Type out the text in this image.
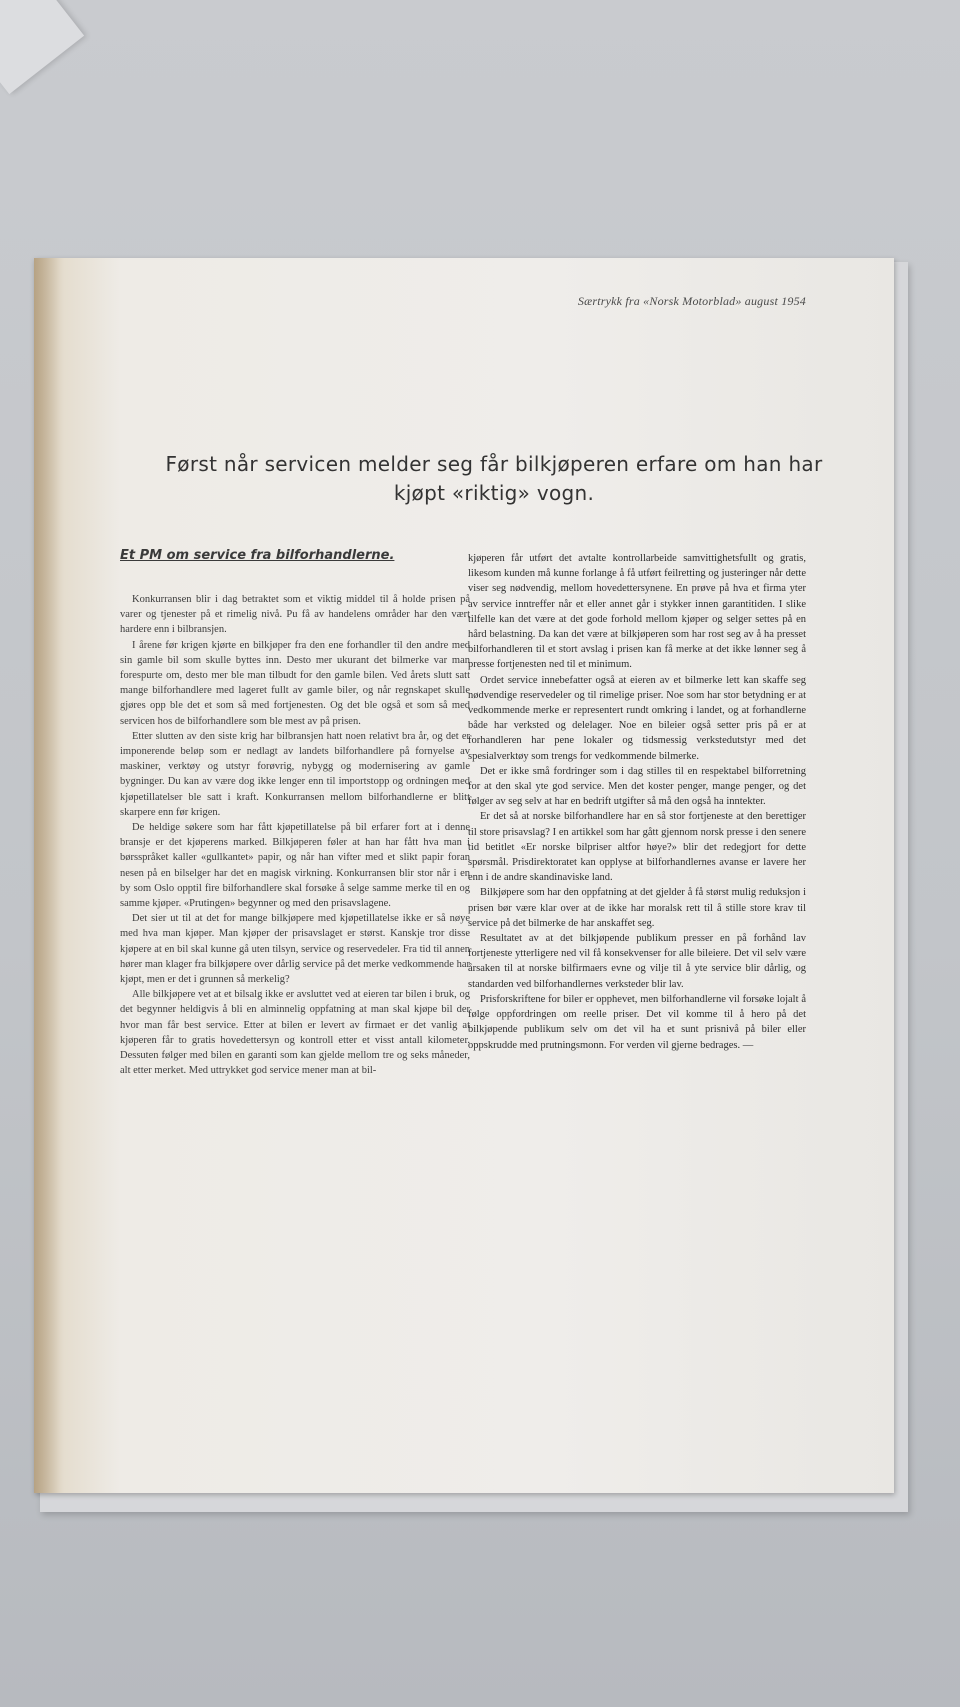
Særtrykk fra «Norsk Motorblad» august 1954
Først når servicen melder seg får bilkjøperen erfare om han har kjøpt «riktig» vogn.
Et PM om service fra bilforhandlerne.

Konkurransen blir i dag betraktet som et viktig middel til å holde prisen på varer og tjenester på et rimelig nivå. Pu få av handelens områder har den vært hardere enn i bilbransjen.

I årene før krigen kjørte en bilkjøper fra den ene forhandler til den andre med sin gamle bil som skulle byttes inn. Desto mer ukurant det bilmerke var man forespurte om, desto mer ble man tilbudt for den gamle bilen. Ved årets slutt satt mange bilforhandlere med lageret fullt av gamle biler, og når regnskapet skulle gjøres opp ble det et som så med fortjenesten. Og det ble også et som så med servicen hos de bilforhandlere som ble mest av på prisen.

Etter slutten av den siste krig har bilbransjen hatt noen relativt bra år, og det er imponerende beløp som er nedlagt av landets bilforhandlere på fornyelse av maskiner, verktøy og utstyr forøvrig, nybygg og modernisering av gamle bygninger. Du kan av være dog ikke lenger enn til importstopp og ordningen med kjøpetillatelser ble satt i kraft. Konkurransen mellom bilforhandlerne er blitt skarpere enn før krigen.

De heldige søkere som har fått kjøpetillatelse på bil erfarer fort at i denne bransje er det kjøperens marked. Bilkjøperen føler at han har fått hva man i børsspråket kaller «gullkantet» papir, og når han vifter med et slikt papir foran nesen på en bilselger har det en magisk virkning. Konkurransen blir stor når i en by som Oslo opptil fire bilforhandlere skal forsøke å selge samme merke til en og samme kjøper. «Prutingen» begynner og med den prisavslagene.

Det sier ut til at det for mange bilkjøpere med kjøpetillatelse ikke er så nøye med hva man kjøper. Man kjøper der prisavslaget er størst. Kanskje tror disse kjøpere at en bil skal kunne gå uten tilsyn, service og reservedeler. Fra tid til annen hører man klager fra bilkjøpere over dårlig service på det merke vedkommende har kjøpt, men er det i grunnen så merkelig?

Alle bilkjøpere vet at et bilsalg ikke er avsluttet ved at eieren tar bilen i bruk, og det begynner heldigvis å bli en alminnelig oppfatning at man skal kjøpe bil der hvor man får best service. Etter at bilen er levert av firmaet er det vanlig at kjøperen får to gratis hovedettersyn og kontroll etter et visst antall kilometer. Dessuten følger med bilen en garanti som kan gjelde mellom tre og seks måneder, alt etter merket. Med uttrykket god service mener man at bil-

kjøperen får utført det avtalte kontrollarbeide samvittighetsfullt og gratis, likesom kunden må kunne forlange å få utført feilretting og justeringer når dette viser seg nødvendig, mellom hovedettersynene. En prøve på hva et firma yter av service inntreffer når et eller annet går i stykker innen garantitiden. I slike tilfelle kan det være at det gode forhold mellom kjøper og selger settes på en hård belastning. Da kan det være at bilkjøperen som har rost seg av å ha presset bilforhandleren til et stort avslag i prisen kan få merke at det ikke lønner seg å presse fortjenesten ned til et minimum.

Ordet service innebefatter også at eieren av et bilmerke lett kan skaffe seg nødvendige reservedeler og til rimelige priser. Noe som har stor betydning er at vedkommende merke er representert rundt omkring i landet, og at forhandlerne både har verksted og delelager. Noe en bileier også setter pris på er at forhandleren har pene lokaler og tidsmessig verkstedutstyr med det spesialverktøy som trengs for vedkommende bilmerke.

Det er ikke små fordringer som i dag stilles til en respektabel bilforretning for at den skal yte god service. Men det koster penger, mange penger, og det følger av seg selv at har en bedrift utgifter så må den også ha inntekter.

Er det så at norske bilforhandlere har en så stor fortjeneste at den berettiger til store prisavslag? I en artikkel som har gått gjennom norsk presse i den senere tid betitlet «Er norske bilpriser altfor høye?» blir det redegjort for dette spørsmål. Prisdirektoratet kan opplyse at bilforhandlernes avanse er lavere her enn i de andre skandinaviske land.

Bilkjøpere som har den oppfatning at det gjelder å få størst mulig reduksjon i prisen bør være klar over at de ikke har moralsk rett til å stille store krav til service på det bilmerke de har anskaffet seg.

Resultatet av at det bilkjøpende publikum presser en på forhånd lav fortjeneste ytterligere ned vil få konsekvenser for alle bileiere. Det vil selv være årsaken til at norske bilfirmaers evne og vilje til å yte service blir dårlig, og standarden ved bilforhandlernes verksteder blir lav.

Prisforskriftene for biler er opphevet, men bilforhandlerne vil forsøke lojalt å følge oppfordringen om reelle priser. Det vil komme til å hero på det bilkjøpende publikum selv om det vil ha et sunt prisnivå på biler eller oppskrudde med prutningsmonn. For verden vil gjerne bedrages. —
